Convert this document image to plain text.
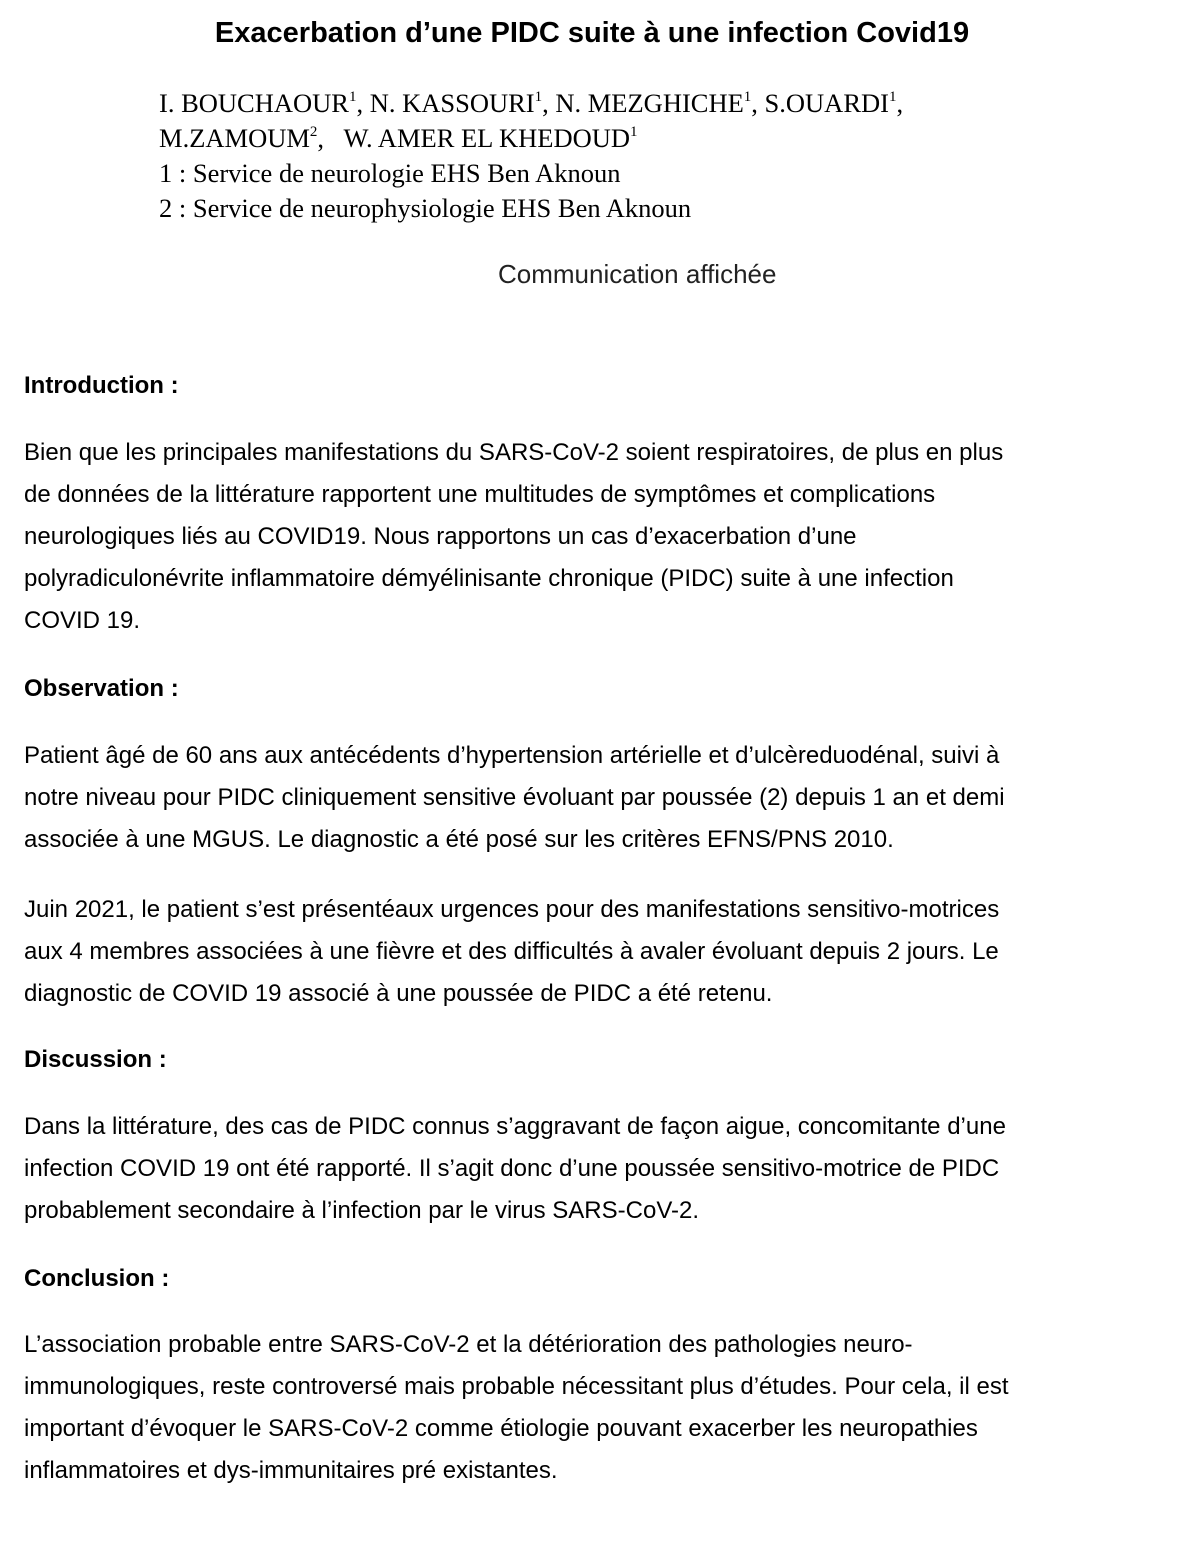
Exacerbation d’une PIDC suite à une infection Covid19
I. BOUCHAOUR$^1$, N. KASSOURI$^1$, N. MEZGHICHE$^1$, S.OUARDI$^1$,
M.ZAMOUM$^2$,   W. AMER EL KHEDOUD$^1$
1 : Service de neurologie EHS Ben Aknoun
2 : Service de neurophysiologie EHS Ben Aknoun
Communication affichée
Introduction :
Bien que les principales manifestations du SARS-CoV-2 soient respiratoires, de plus en plus
de données de la littérature rapportent une multitudes de symptômes et complications
neurologiques liés au COVID19. Nous rapportons un cas d’exacerbation d’une
polyradiculonévrite inflammatoire démyélinisante chronique (PIDC) suite à une infection
COVID 19.
Observation :
Patient âgé de 60 ans aux antécédents d’hypertension artérielle et d’ulcèreduodénal, suivi à
notre niveau pour PIDC cliniquement sensitive évoluant par poussée (2) depuis 1 an et demi
associée à une MGUS. Le diagnostic a été posé sur les critères EFNS/PNS 2010.
Juin 2021, le patient s’est présentéaux urgences pour des manifestations sensitivo-motrices
aux 4 membres associées à une fièvre et des difficultés à avaler évoluant depuis 2 jours. Le
diagnostic de COVID 19 associé à une poussée de PIDC a été retenu.
Discussion :
Dans la littérature, des cas de PIDC connus s’aggravant de façon aigue, concomitante d’une
infection COVID 19 ont été rapporté. Il s’agit donc d’une poussée sensitivo-motrice de PIDC
probablement secondaire à l’infection par le virus SARS-CoV-2.
Conclusion :
L’association probable entre SARS-CoV-2 et la détérioration des pathologies neuro-
immunologiques, reste controversé mais probable nécessitant plus d’études. Pour cela, il est
important d’évoquer le SARS-CoV-2 comme étiologie pouvant exacerber les neuropathies
inflammatoires et dys-immunitaires pré existantes.
